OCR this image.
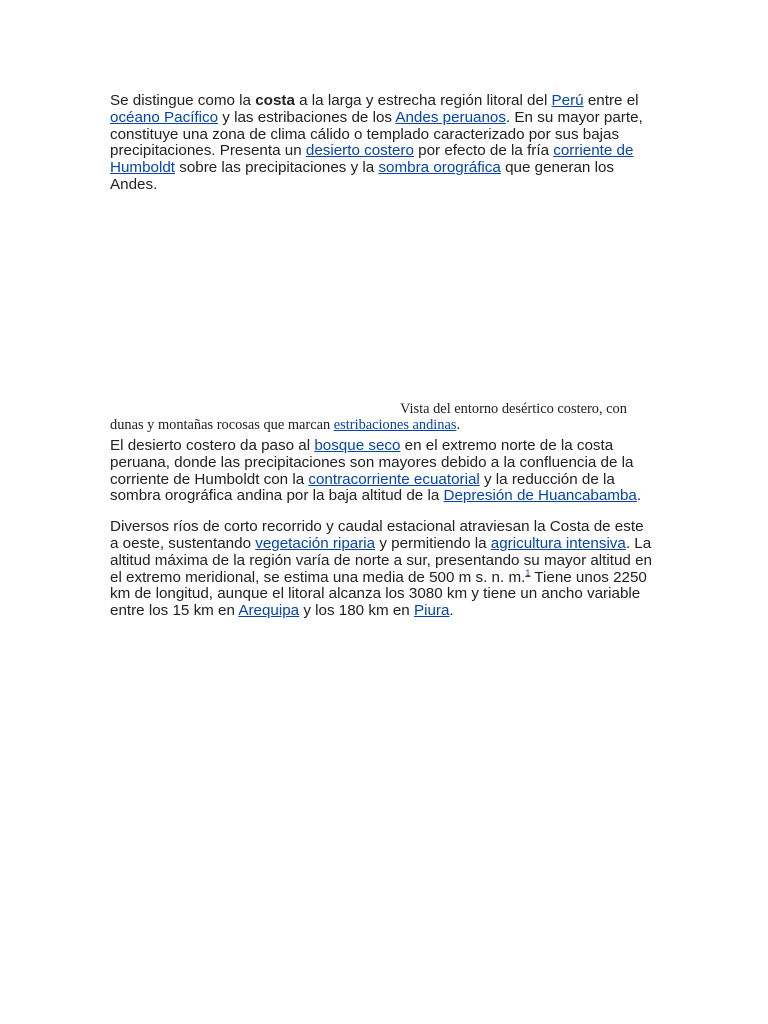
Se distingue como la costa a la larga y estrecha región litoral del Perú entre el océano Pacífico y las estribaciones de los Andes peruanos. En su mayor parte, constituye una zona de clima cálido o templado caracterizado por sus bajas precipitaciones. Presenta un desierto costero por efecto de la fría corriente de Humboldt sobre las precipitaciones y la sombra orográfica que generan los Andes.

Vista del entorno desértico costero, con dunas y montañas rocosas que marcan estribaciones andinas.

El desierto costero da paso al bosque seco en el extremo norte de la costa peruana, donde las precipitaciones son mayores debido a la confluencia de la corriente de Humboldt con la contracorriente ecuatorial y la reducción de la sombra orográfica andina por la baja altitud de la Depresión de Huancabamba.

Diversos ríos de corto recorrido y caudal estacional atraviesan la Costa de este a oeste, sustentando vegetación riparia y permitiendo la agricultura intensiva. La altitud máxima de la región varía de norte a sur, presentando su mayor altitud en el extremo meridional, se estima una media de 500 m s. n. m.$^1$ Tiene unos 2250 km de longitud, aunque el litoral alcanza los 3080 km y tiene un ancho variable entre los 15 km en Arequipa y los 180 km en Piura.
